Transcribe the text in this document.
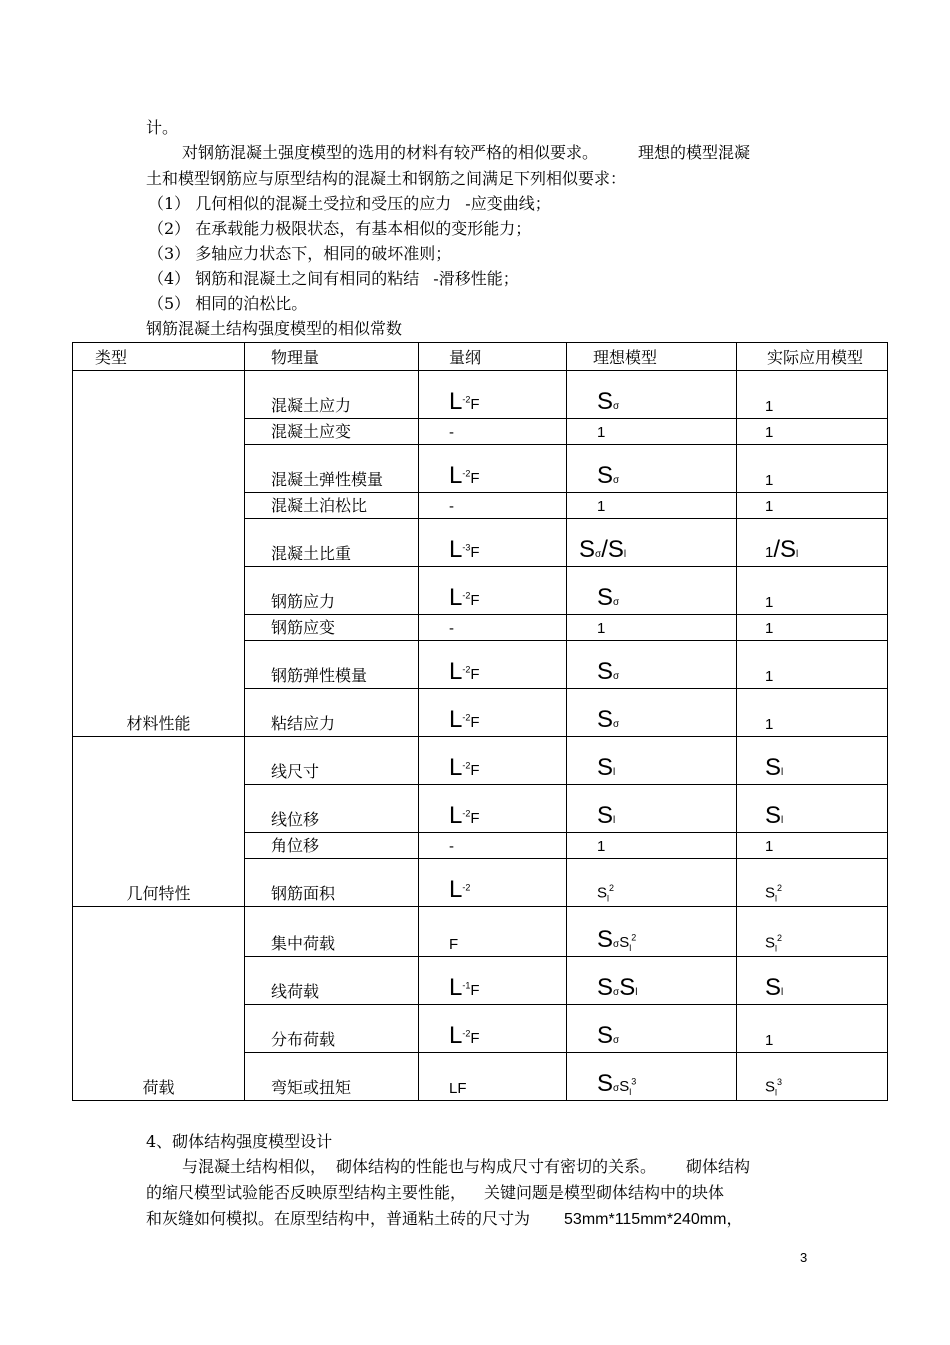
计。
对钢筋混凝土强度模型的选用的材料有较严格的相似要求。	理想的模型混凝
土和模型钢筋应与原型结构的混凝土和钢筋之间满足下列相似要求：
（1） 几何相似的混凝土受拉和受压的应力 -应变曲线；
（2） 在承载能力极限状态，有基本相似的变形能力；
（3） 多轴应力状态下，相同的破坏准则；
（4） 钢筋和混凝土之间有相同的粘结 -滑移性能；
（5） 相同的泊松比。
钢筋混凝土结构强度模型的相似常数
类型	物理量	量纲	理想模型	实际应用模型
材料性能	混凝土应力	$L^{-2}F$	Sσ	1
	混凝土应变	-	1	1
	混凝土弹性模量	$L^{-2}F$	Sσ	1
	混凝土泊松比	-	1	1
	混凝土比重	$L^{-3}F$	Sσ/Sl	1/Sl
	钢筋应力	$L^{-2}F$	Sσ	1
	钢筋应变	-	1	1
	钢筋弹性模量	$L^{-2}F$	Sσ	1
	粘结应力	$L^{-2}F$	Sσ	1
几何特性	线尺寸	$L^{-2}F$	Sl	Sl
	线位移	$L^{-2}F$	Sl	Sl
	角位移	-	1	1
	钢筋面积	$L^{-2}$	$S_l^2$	$S_l^2$
荷载	集中荷载	F	SσS$_l^2$	$S_l^2$
	线荷载	$L^{-1}F$	SσSl	Sl
	分布荷载	$L^{-2}F$	Sσ	1
	弯矩或扭矩	LF	SσS$_l^3$	$S_l^3$
4、砌体结构强度模型设计
与混凝土结构相似， 砌体结构的性能也与构成尺寸有密切的关系。 砌体结构
的缩尺模型试验能否反映原型结构主要性能， 关键问题是模型砌体结构中的块体
和灰缝如何模拟。在原型结构中，普通粘土砖的尺寸为 53mm*115mm*240mm，
3
